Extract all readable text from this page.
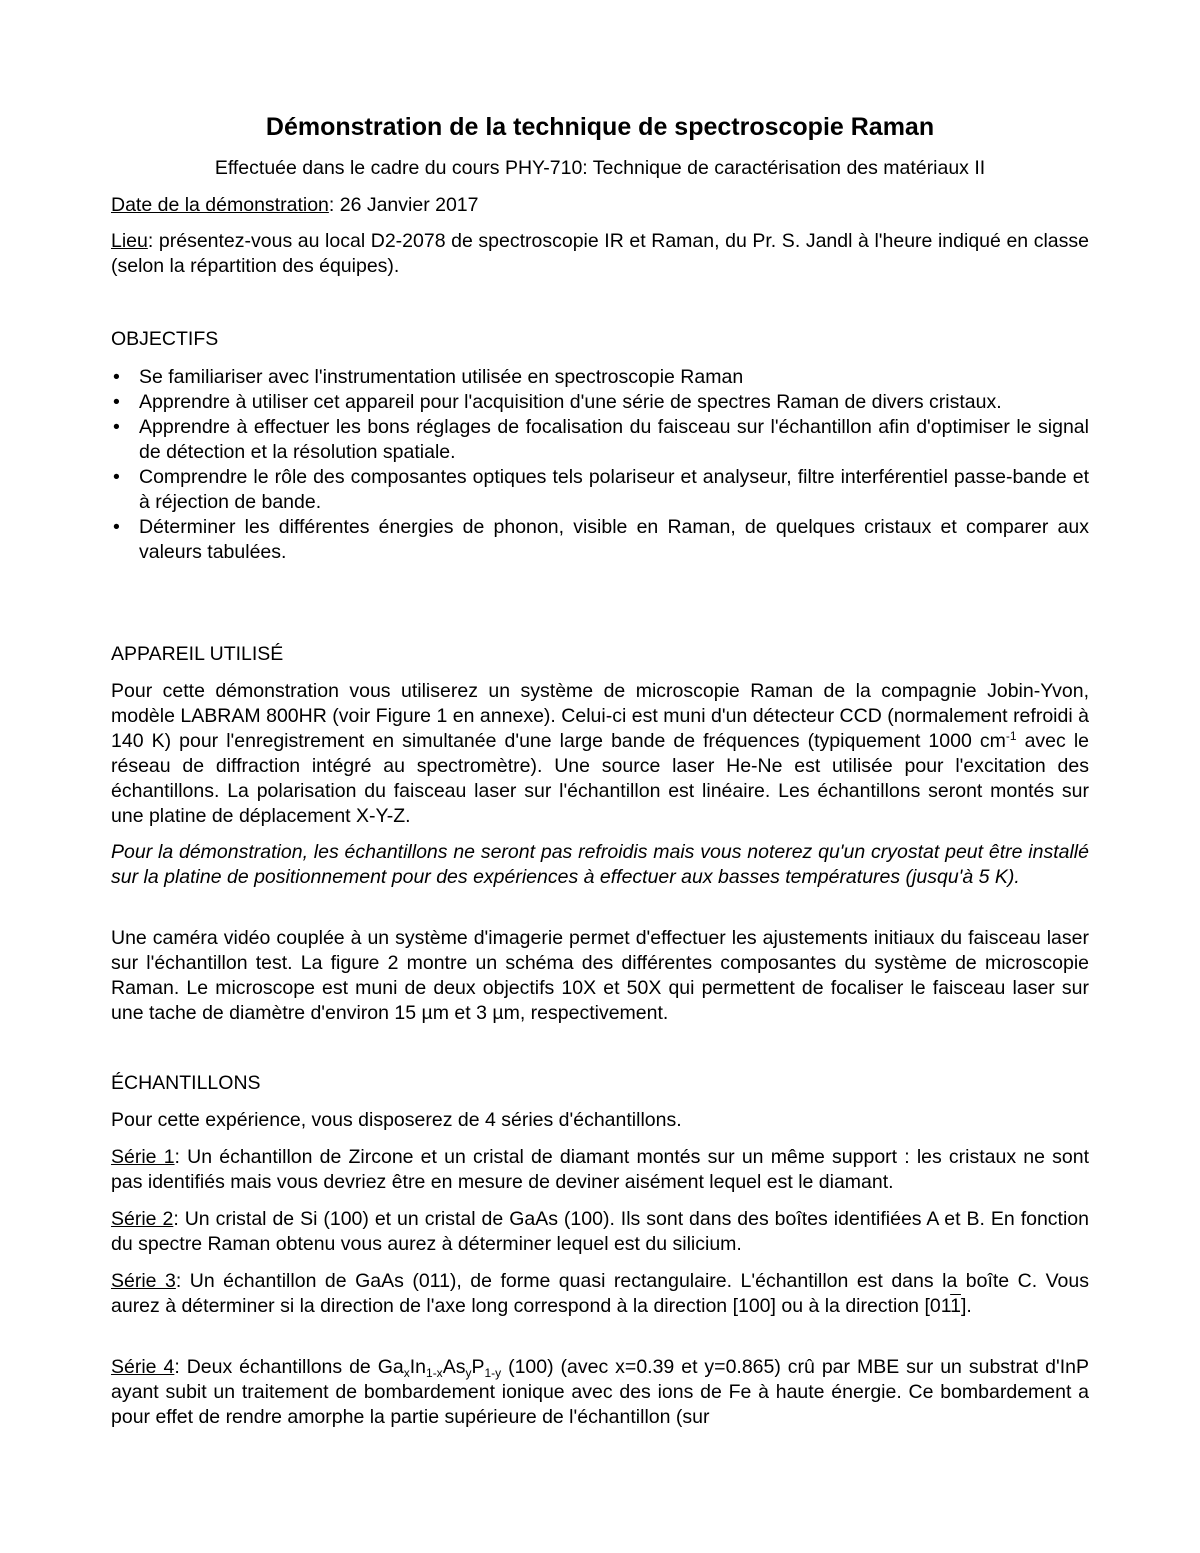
Démonstration de la technique de spectroscopie Raman
Effectuée dans le cadre du cours PHY-710: Technique de caractérisation des matériaux II
Date de la démonstration: 26 Janvier 2017
Lieu: présentez-vous au local D2-2078 de spectroscopie IR et Raman, du Pr. S. Jandl à l'heure indiqué en classe (selon la répartition des équipes).
OBJECTIFS
• Se familiariser avec l'instrumentation utilisée en spectroscopie Raman
• Apprendre à utiliser cet appareil pour l'acquisition d'une série de spectres Raman de divers cristaux.
• Apprendre à effectuer les bons réglages de focalisation du faisceau sur l'échantillon afin d'optimiser le signal de détection et la résolution spatiale.
• Comprendre le rôle des composantes optiques tels polariseur et analyseur, filtre interférentiel passe-bande et à réjection de bande.
• Déterminer les différentes énergies de phonon, visible en Raman, de quelques cristaux et comparer aux valeurs tabulées.
APPAREIL UTILISÉ
Pour cette démonstration vous utiliserez un système de microscopie Raman de la compagnie Jobin-Yvon, modèle LABRAM 800HR (voir Figure 1 en annexe). Celui-ci est muni d'un détecteur CCD (normalement refroidi à 140 K) pour l'enregistrement en simultanée d'une large bande de fréquences (typiquement 1000 $cm^{-1}$ avec le réseau de diffraction intégré au spectromètre). Une source laser He-Ne est utilisée pour l'excitation des échantillons. La polarisation du faisceau laser sur l'échantillon est linéaire. Les échantillons seront montés sur une platine de déplacement X-Y-Z.
Pour la démonstration, les échantillons ne seront pas refroidis mais vous noterez qu'un cryostat peut être installé sur la platine de positionnement pour des expériences à effectuer aux basses températures (jusqu'à 5 K).
Une caméra vidéo couplée à un système d'imagerie permet d'effectuer les ajustements initiaux du faisceau laser sur l'échantillon test. La figure 2 montre un schéma des différentes composantes du système de microscopie Raman. Le microscope est muni de deux objectifs 10X et 50X qui permettent de focaliser le faisceau laser sur une tache de diamètre d'environ 15 µm et 3 µm, respectivement.
ÉCHANTILLONS
Pour cette expérience, vous disposerez de 4 séries d'échantillons.
Série 1: Un échantillon de Zircone et un cristal de diamant montés sur un même support : les cristaux ne sont pas identifiés mais vous devriez être en mesure de deviner aisément lequel est le diamant.
Série 2: Un cristal de Si (100) et un cristal de GaAs (100). Ils sont dans des boîtes identifiées A et B. En fonction du spectre Raman obtenu vous aurez à déterminer lequel est du silicium.
Série 3: Un échantillon de GaAs (011), de forme quasi rectangulaire. L'échantillon est dans la boîte C. Vous aurez à déterminer si la direction de l'axe long correspond à la direction [100] ou à la direction [011].
Série 4: Deux échantillons de $Ga_xIn_{1-x}As_yP_{1-y}$ (100) (avec x=0.39 et y=0.865) crû par MBE sur un substrat d'InP ayant subit un traitement de bombardement ionique avec des ions de Fe à haute énergie. Ce bombardement a pour effet de rendre amorphe la partie supérieure de l'échantillon (sur
